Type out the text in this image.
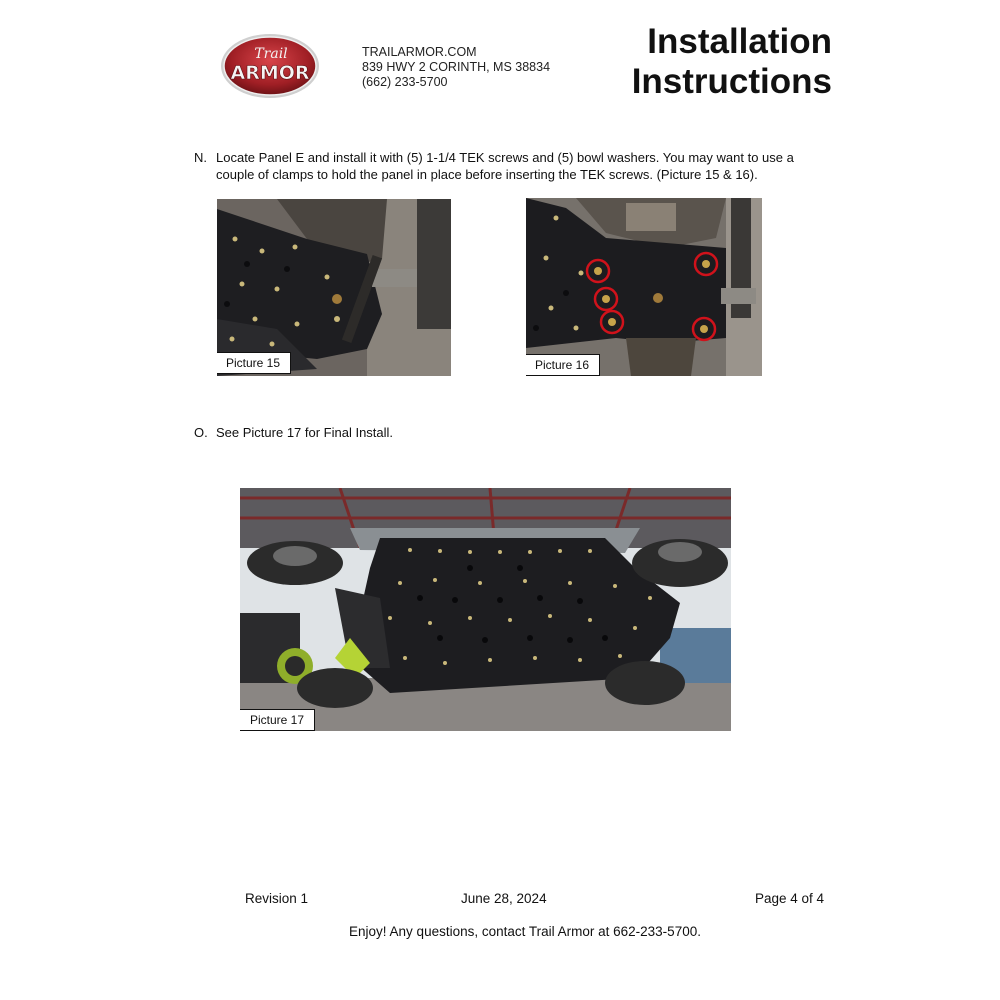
Trail
ARMOR
TRAILARMOR.COM
839 HWY 2 CORINTH, MS 38834
(662) 233-5700
Installation
Instructions
N. Locate Panel E and install it with (5) 1-1/4 TEK screws and (5) bowl washers. You may want to use a
couple of clamps to hold the panel in place before inserting the TEK screws. (Picture 15 & 16).
Picture 15	Picture 16
O. See Picture 17 for Final Install.
Picture 17
Revision 1	June 28, 2024	Page 4 of 4
Enjoy! Any questions, contact Trail Armor at 662-233-5700.
